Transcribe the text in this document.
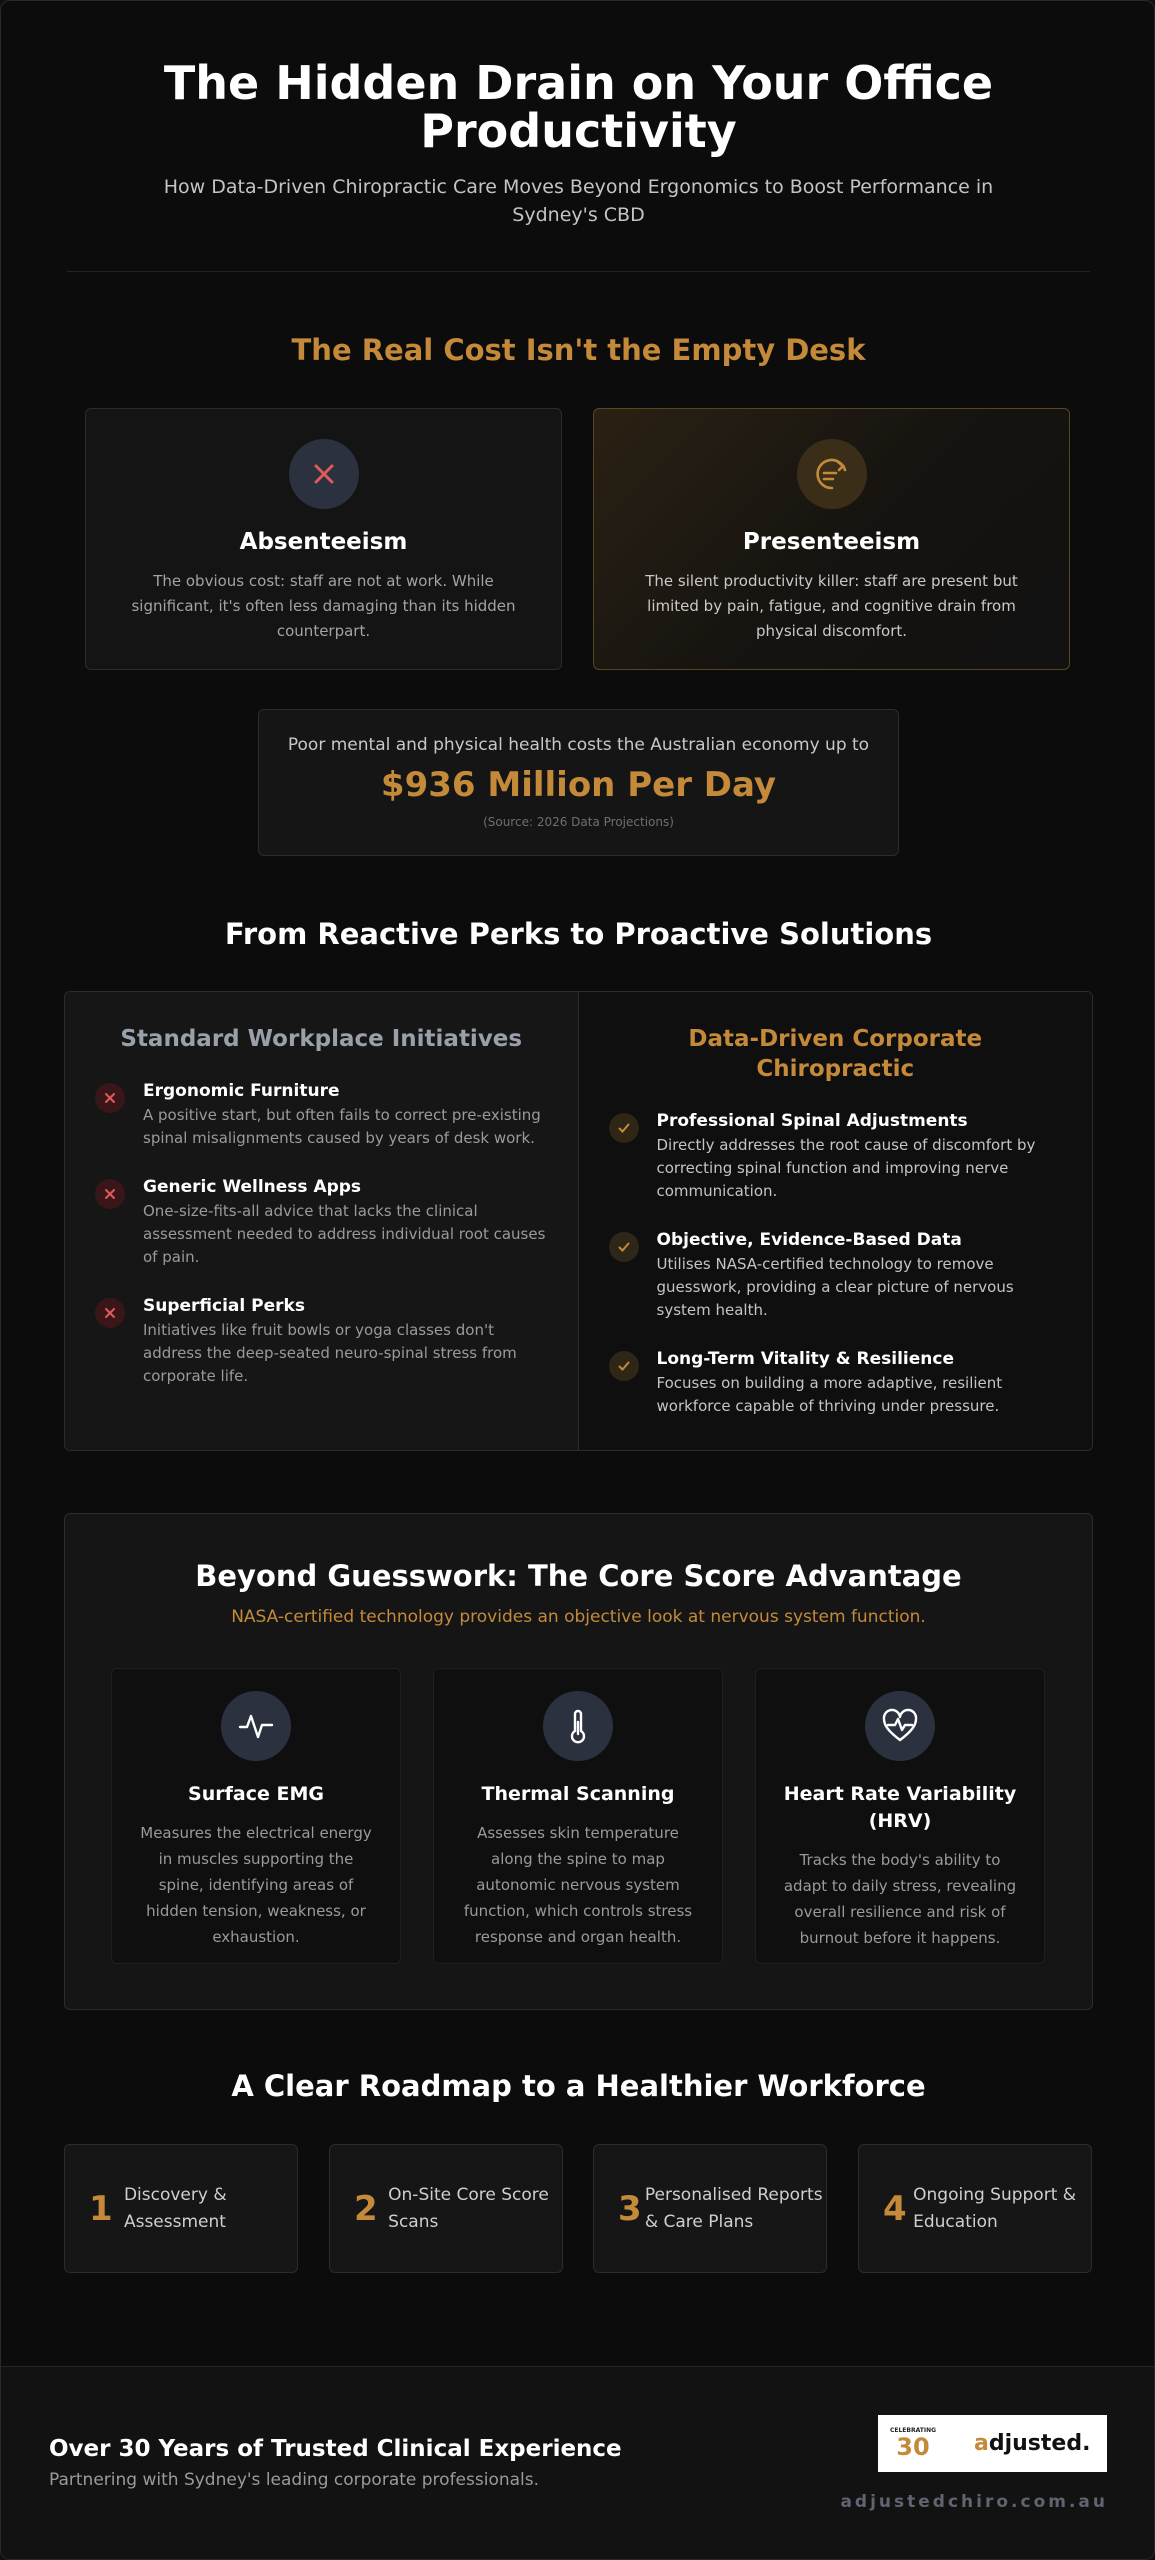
The Hidden Drain on Your Office Productivity

How Data-Driven Chiropractic Care Moves Beyond Ergonomics to Boost Performance in Sydney's CBD

The Real Cost Isn't the Empty Desk
Absenteeism

The obvious cost: staff are not at work. While significant, it's often less damaging than its hidden counterpart.

Presenteeism

The silent productivity killer: staff are present but limited by pain, fatigue, and cognitive drain from physical discomfort.

Poor mental and physical health costs the Australian economy up to
$936 Million Per Day
(Source: 2026 Data Projections)
From Reactive Perks to Proactive Solutions
Standard Workplace Initiatives
Ergonomic Furniture
A positive start, but often fails to correct pre-existing spinal misalignments caused by years of desk work.
Generic Wellness Apps
One-size-fits-all advice that lacks the clinical assessment needed to address individual root causes of pain.
Superficial Perks
Initiatives like fruit bowls or yoga classes don't address the deep-seated neuro-spinal stress from corporate life.
Data-Driven Corporate Chiropractic
Professional Spinal Adjustments
Directly addresses the root cause of discomfort by correcting spinal function and improving nerve communication.
Objective, Evidence-Based Data
Utilises NASA-certified technology to remove guesswork, providing a clear picture of nervous system health.
Long-Term Vitality & Resilience
Focuses on building a more adaptive, resilient workforce capable of thriving under pressure.
Beyond Guesswork: The Core Score Advantage
NASA-certified technology provides an objective look at nervous system function.
Surface EMG

Measures the electrical energy in muscles supporting the spine, identifying areas of hidden tension, weakness, or exhaustion.

Thermal Scanning

Assesses skin temperature along the spine to map autonomic nervous system function, which controls stress response and organ health.

Heart Rate Variability (HRV)

Tracks the body's ability to adapt to daily stress, revealing overall resilience and risk of burnout before it happens.

A Clear Roadmap to a Healthier Workforce
1 Discovery & Assessment	2 On-Site Core Score Scans	3 Personalised Reports & Care Plans	4 Ongoing Support & Education
Over 30 Years of Trusted Clinical Experience
Partnering with Sydney's leading corporate professionals.
CELEBRATING
30 adjusted.
adjustedchiro.com.au
